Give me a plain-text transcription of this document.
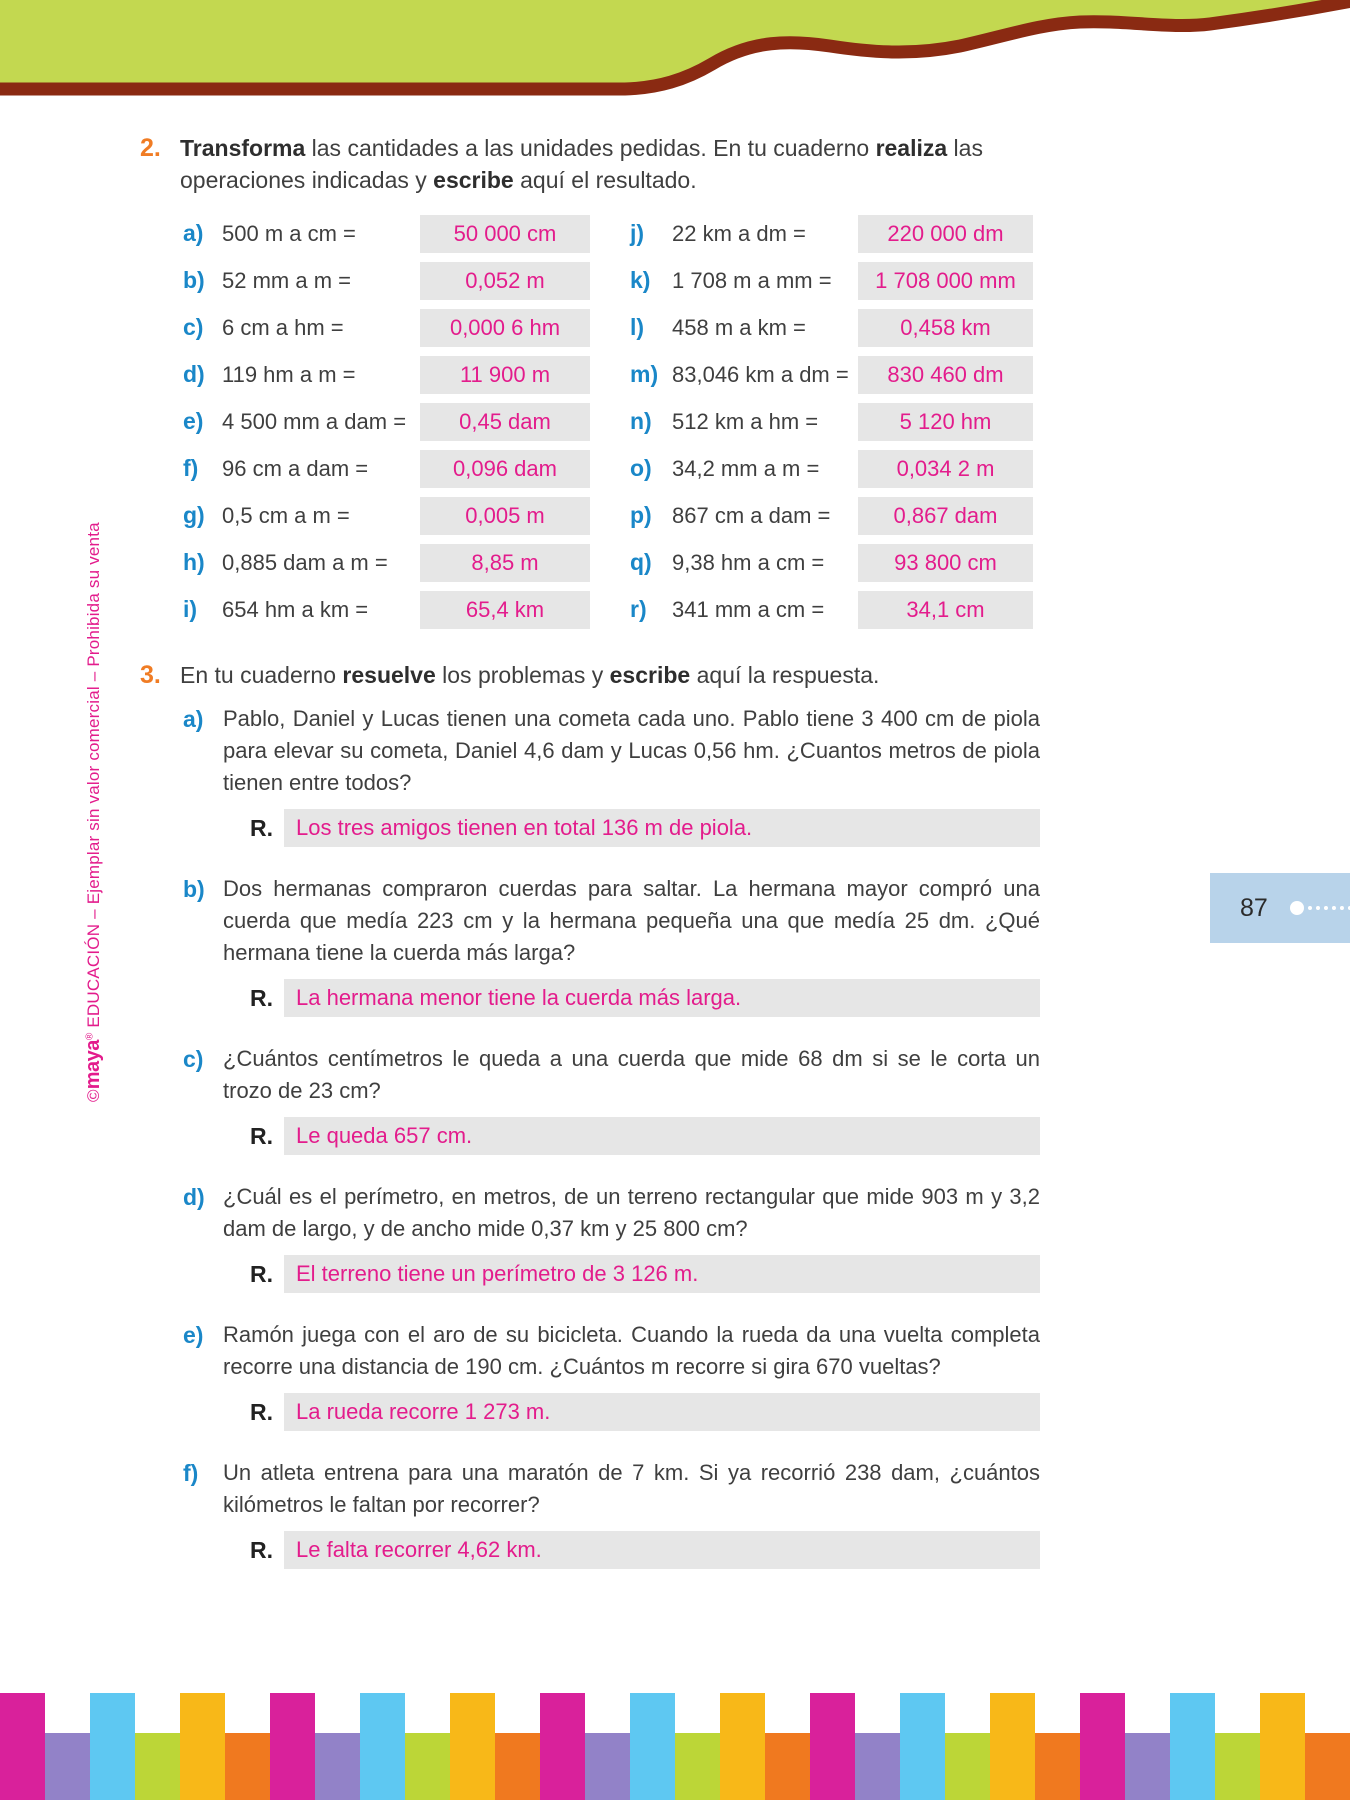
©maya® EDUCACIÓN – Ejemplar sin valor comercial – Prohibida su venta	87
2. Transforma las cantidades a las unidades pedidas. En tu cuaderno realiza las operaciones indicadas y escribe aquí el resultado.
a) 500 m a cm =	50 000 cm
b) 52 mm a m =	0,052 m
c) 6 cm a hm =	0,000 6 hm
d) 119 hm a m =	11 900 m
e) 4 500 mm a dam =	0,45 dam
f)	96 cm a dam =	0,096 dam
g) 0,5 cm a m =	0,005 m
h) 0,885 dam a m =	8,85 m
i)	654 hm a km =	65,4 km
j)	22 km a dm =	220 000 dm
k) 1 708 m a mm =	1 708 000 mm
l)	458 m a km =	0,458 km
m) 83,046 km a dm =	830 460 dm
n) 512 km a hm =	5 120 hm
o) 34,2 mm a m =	0,034 2 m
p) 867 cm a dam =	0,867 dam
q) 9,38 hm a cm =	93 800 cm
r)	341 mm a cm =	34,1 cm
3. En tu cuaderno resuelve los problemas y escribe aquí la respuesta.
a) Pablo, Daniel y Lucas tienen una cometa cada uno. Pablo tiene 3 400 cm de piola para elevar su cometa, Daniel 4,6 dam y Lucas 0,56 hm. ¿Cuantos metros de piola tienen entre todos?
R.	Los tres amigos tienen en total 136 m de piola.
b) Dos hermanas compraron cuerdas para saltar. La hermana mayor compró una cuerda que medía 223 cm y la hermana pequeña una que medía 25 dm. ¿Qué hermana tiene la cuerda más larga?
R.	La hermana menor tiene la cuerda más larga.
c) ¿Cuántos centímetros le queda a una cuerda que mide 68 dm si se le corta un trozo de 23 cm?
R.	Le queda 657 cm.
d) ¿Cuál es el perímetro, en metros, de un terreno rectangular que mide 903 m y 3,2 dam de largo, y de ancho mide 0,37 km y 25 800 cm?
R.	El terreno tiene un perímetro de 3 126 m.
e) Ramón juega con el aro de su bicicleta. Cuando la rueda da una vuelta completa recorre una distancia de 190 cm. ¿Cuántos m recorre si gira 670 vueltas?
R.	La rueda recorre 1 273 m.
f)	Un atleta entrena para una maratón de 7 km. Si ya recorrió 238 dam, ¿cuántos kilómetros le faltan por recorrer?
R.	Le falta recorrer 4,62 km.
